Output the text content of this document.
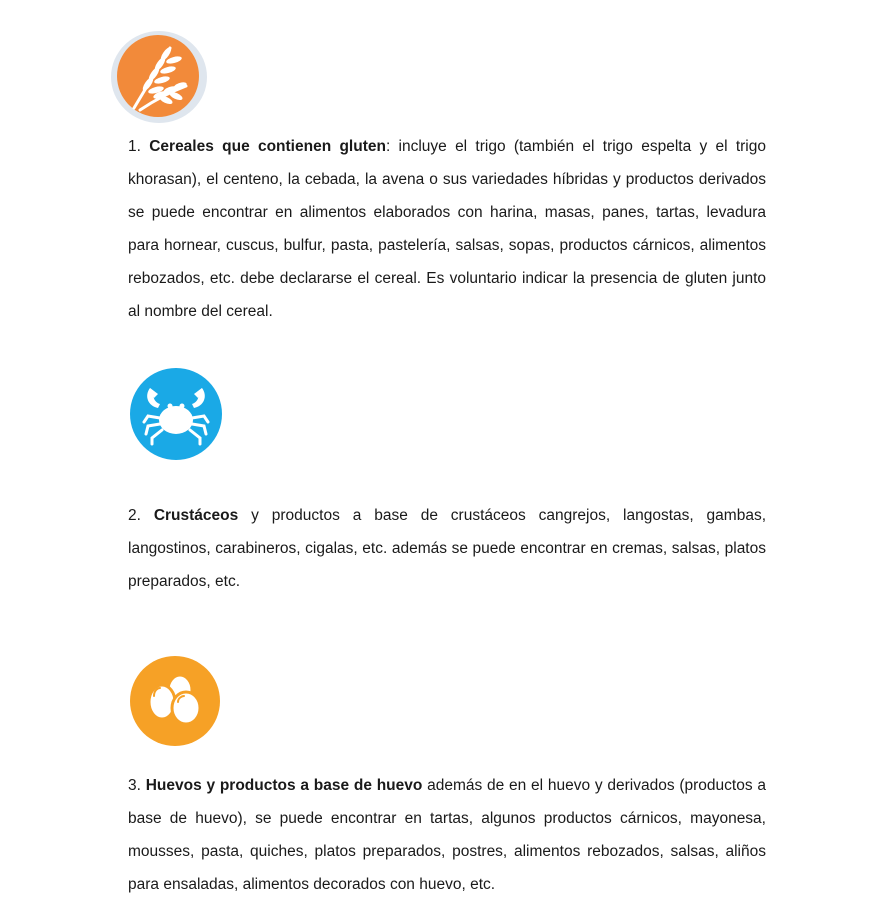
1. Cereales que contienen gluten: incluye el trigo (también el trigo espelta y el trigo khorasan), el centeno, la cebada, la avena o sus variedades híbridas y productos derivados se puede encontrar en alimentos elaborados con harina, masas, panes, tartas, levadura para hornear, cuscus, bulfur, pasta, pastelería, salsas, sopas, productos cárnicos, alimentos rebozados, etc. debe declararse el cereal. Es voluntario indicar la presencia de gluten junto al nombre del cereal.

2. Crustáceos y productos a base de crustáceos cangrejos, langostas, gambas, langostinos, carabineros, cigalas, etc. además se puede encontrar en cremas, salsas, platos preparados, etc.

3. Huevos y productos a base de huevo además de en el huevo y derivados (productos a base de huevo), se puede encontrar en tartas, algunos productos cárnicos, mayonesa, mousses, pasta, quiches, platos preparados, postres, alimentos rebozados, salsas, aliños para ensaladas, alimentos decorados con huevo, etc.
